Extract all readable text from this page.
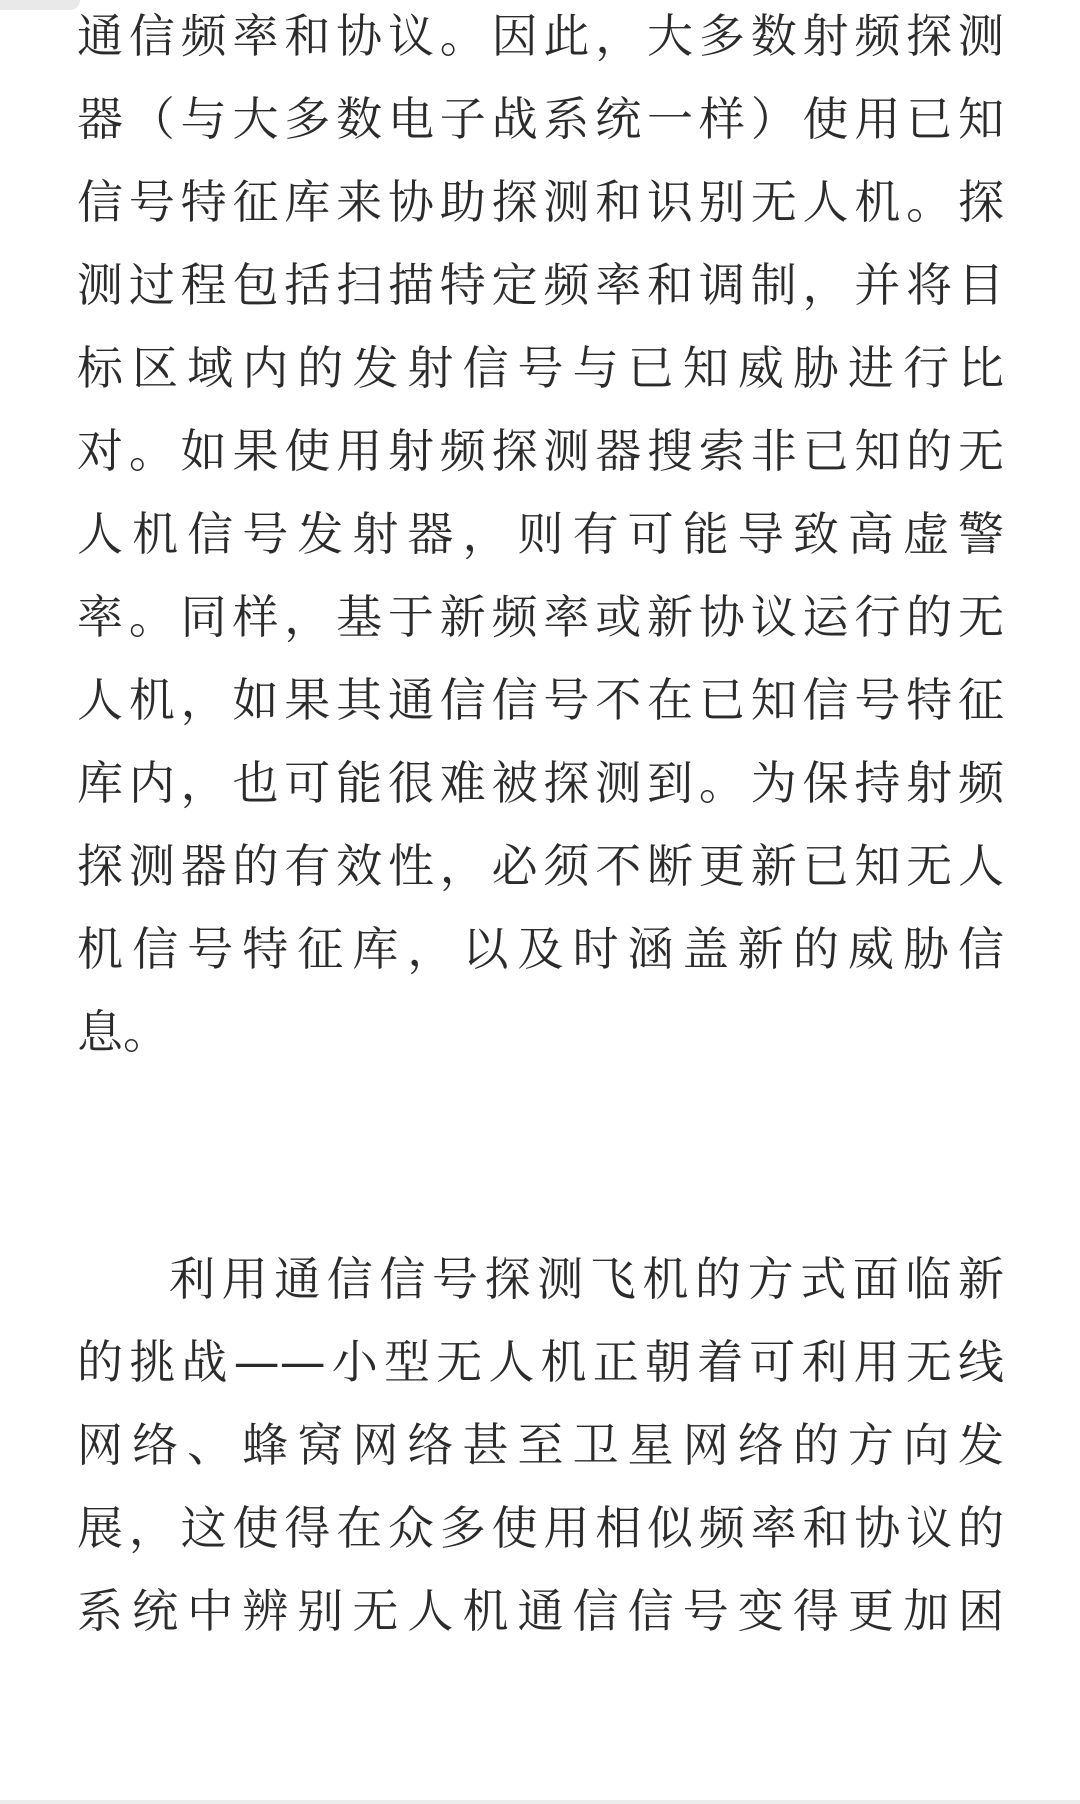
通信频率和协议。因此，大多数射频探测
器（与大多数电子战系统一样）使用已知
信号特征库来协助探测和识别无人机。探
测过程包括扫描特定频率和调制，并将目
标区域内的发射信号与已知威胁进行比
对。如果使用射频探测器搜索非已知的无
人机信号发射器，则有可能导致高虚警
率。同样，基于新频率或新协议运行的无
人机，如果其通信信号不在已知信号特征
库内，也可能很难被探测到。为保持射频
探测器的有效性，必须不断更新已知无人
机信号特征库，以及时涵盖新的威胁信
息。
利用通信信号探测飞机的方式面临新
的挑战——小型无人机正朝着可利用无线
网络、蜂窝网络甚至卫星网络的方向发
展，这使得在众多使用相似频率和协议的
系统中辨别无人机通信信号变得更加困
